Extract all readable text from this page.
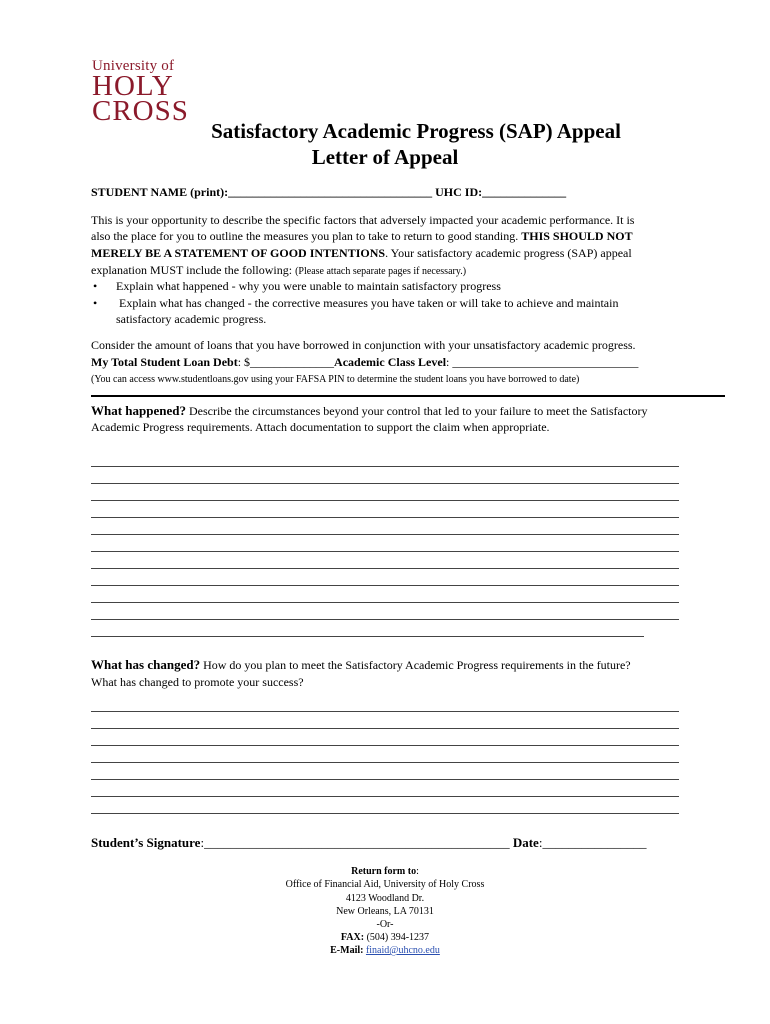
University of
HOLY
CROSS
Satisfactory Academic Progress (SAP) Appeal
Letter of Appeal
STUDENT NAME (print):__________________________________ UHC ID:______________
This is your opportunity to describe the specific factors that adversely impacted your academic performance. It is
also the place for you to outline the measures you plan to take to return to good standing. THIS SHOULD NOT
MERELY BE A STATEMENT OF GOOD INTENTIONS. Your satisfactory academic progress (SAP) appeal
explanation MUST include the following: (Please attach separate pages if necessary.)
• Explain what happened - why you were unable to maintain satisfactory progress
• Explain what has changed - the corrective measures you have taken or will take to achieve and maintain
satisfactory academic progress.
Consider the amount of loans that you have borrowed in conjunction with your unsatisfactory academic progress.
My Total Student Loan Debt: $______________Academic Class Level: _______________________________
(You can access www.studentloans.gov using your FAFSA PIN to determine the student loans you have borrowed to date)
What happened? Describe the circumstances beyond your control that led to your failure to meet the Satisfactory
Academic Progress requirements. Attach documentation to support the claim when appropriate.
What has changed? How do you plan to meet the Satisfactory Academic Progress requirements in the future?
What has changed to promote your success?
Student’s Signature:_______________________________________________ Date:________________
Return form to:
Office of Financial Aid, University of Holy Cross
4123 Woodland Dr.
New Orleans, LA 70131
-Or-
FAX: (504) 394-1237
E-Mail: finaid@uhcno.edu
